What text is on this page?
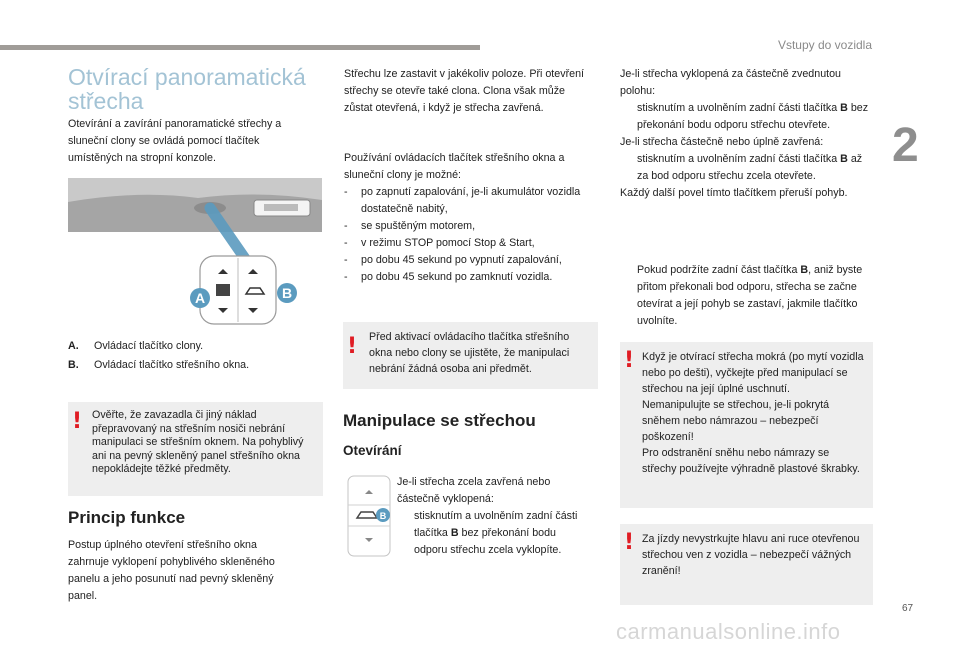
Vstupy do vozidla
2
67
carmanualsonline.info
Otvírací panoramatická
střecha

Otevírání a zavírání panoramatické střechy a sluneční clony se ovládá pomocí tlačítek umístěných na stropní konzole.

A	B
A.	Ovládací tlačítko clony.
B.	Ovládací tlačítko střešního okna.
! Ověřte, že zavazadla či jiný náklad přepravovaný na střešním nosiči nebrání manipulaci se střešním oknem. Na pohyblivý ani na pevný skleněný panel střešního okna nepokládejte těžké předměty.
Princip funkce

Postup úplného otevření střešního okna zahrnuje vyklopení pohyblivého skleněného panelu a jeho posunutí nad pevný skleněný panel.

Střechu lze zastavit v jakékoliv poloze. Při otevření střechy se otevře také clona. Clona však může zůstat otevřená, i když je střecha zavřená.

Používání ovládacích tlačítek střešního okna a sluneční clony je možné:
-	po zapnutí zapalování, je-li akumulátor vozidla dostatečně nabitý,
-	se spuštěným motorem,
-	v režimu STOP pomocí Stop & Start,
-	po dobu 45 sekund po vypnutí zapalování,
-	po dobu 45 sekund po zamknutí vozidla.
! Před aktivací ovládacího tlačítka střešního okna nebo clony se ujistěte, že manipulaci nebrání žádná osoba ani předmět.
Manipulace se střechou
Otevírání
B
Je-li střecha zcela zavřená nebo částečně vyklopená:
stisknutím a uvolněním zadní části tlačítka B bez překonání bodu odporu střechu zcela vyklopíte.
Je-li střecha vyklopená za částečně zvednutou polohu:
stisknutím a uvolněním zadní části tlačítka B bez překonání bodu odporu střechu otevřete.
Je-li střecha částečně nebo úplně zavřená:
stisknutím a uvolněním zadní části tlačítka B až za bod odporu střechu zcela otevřete.
Každý další povel tímto tlačítkem přeruší pohyb.
Pokud podržíte zadní část tlačítka B, aniž byste přitom překonali bod odporu, střecha se začne otevírat a její pohyb se zastaví, jakmile tlačítko uvolníte.
! Když je otvírací střecha mokrá (po mytí vozidla nebo po dešti), vyčkejte před manipulací se střechou na její úplné uschnutí.
Nemanipulujte se střechou, je-li pokrytá sněhem nebo námrazou – nebezpečí poškození!
Pro odstranění sněhu nebo námrazy se střechy používejte výhradně plastové škrabky.
! Za jízdy nevystrkujte hlavu ani ruce otevřenou střechou ven z vozidla – nebezpečí vážných zranění!
